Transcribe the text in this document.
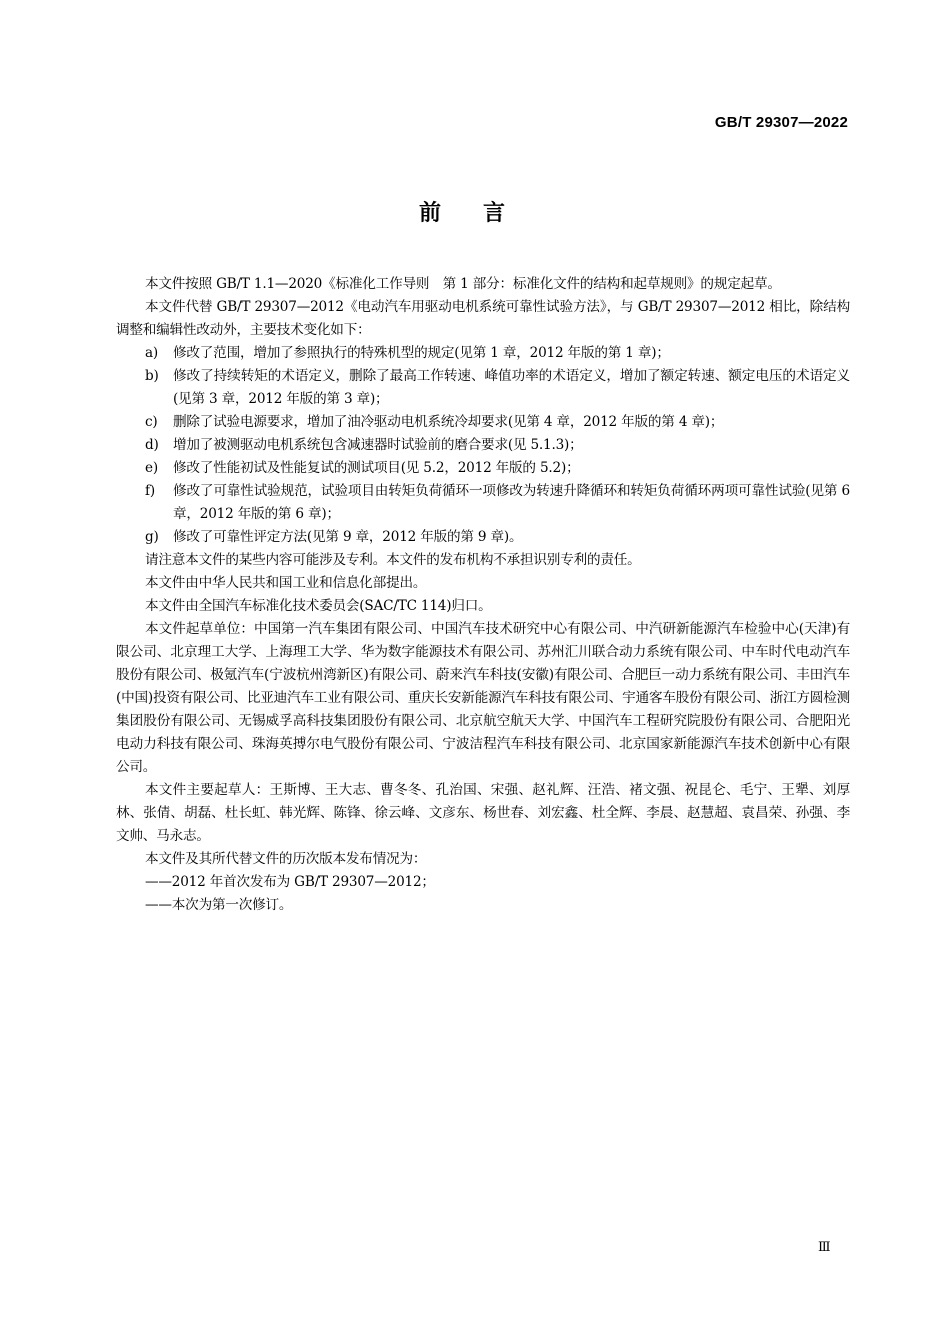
GB/T 29307—2022
前言

本文件按照 GB/T 1.1—2020《标准化工作导则　第 1 部分：标准化文件的结构和起草规则》的规定起草。

本文件代替 GB/T 29307—2012《电动汽车用驱动电机系统可靠性试验方法》，与 GB/T 29307—2012 相比，除结构调整和编辑性改动外，主要技术变化如下：

a) 修改了范围，增加了参照执行的特殊机型的规定(见第 1 章，2012 年版的第 1 章)；

b) 修改了持续转矩的术语定义，删除了最高工作转速、峰值功率的术语定义，增加了额定转速、额定电压的术语定义(见第 3 章，2012 年版的第 3 章)；

c) 删除了试验电源要求，增加了油冷驱动电机系统冷却要求(见第 4 章，2012 年版的第 4 章)；

d) 增加了被测驱动电机系统包含减速器时试验前的磨合要求(见 5.1.3)；

e) 修改了性能初试及性能复试的测试项目(见 5.2，2012 年版的 5.2)；

f) 修改了可靠性试验规范，试验项目由转矩负荷循环一项修改为转速升降循环和转矩负荷循环两项可靠性试验(见第 6 章，2012 年版的第 6 章)；

g) 修改了可靠性评定方法(见第 9 章，2012 年版的第 9 章)。

请注意本文件的某些内容可能涉及专利。本文件的发布机构不承担识别专利的责任。

本文件由中华人民共和国工业和信息化部提出。

本文件由全国汽车标准化技术委员会(SAC/TC 114)归口。

本文件起草单位：中国第一汽车集团有限公司、中国汽车技术研究中心有限公司、中汽研新能源汽车检验中心(天津)有限公司、北京理工大学、上海理工大学、华为数字能源技术有限公司、苏州汇川联合动力系统有限公司、中车时代电动汽车股份有限公司、极氪汽车(宁波杭州湾新区)有限公司、蔚来汽车科技(安徽)有限公司、合肥巨一动力系统有限公司、丰田汽车(中国)投资有限公司、比亚迪汽车工业有限公司、重庆长安新能源汽车科技有限公司、宇通客车股份有限公司、浙江方圆检测集团股份有限公司、无锡威孚高科技集团股份有限公司、北京航空航天大学、中国汽车工程研究院股份有限公司、合肥阳光电动力科技有限公司、珠海英搏尔电气股份有限公司、宁波洁程汽车科技有限公司、北京国家新能源汽车技术创新中心有限公司。

本文件主要起草人：王斯博、王大志、曹冬冬、孔治国、宋强、赵礼辉、汪浩、褚文强、祝昆仑、毛宁、王犟、刘厚林、张倩、胡磊、杜长虹、韩光辉、陈锋、徐云峰、文彦东、杨世春、刘宏鑫、杜全辉、李晨、赵慧超、袁昌荣、孙强、李文帅、马永志。

本文件及其所代替文件的历次版本发布情况为：

——2012 年首次发布为 GB/T 29307—2012；

——本次为第一次修订。

Ⅲ
